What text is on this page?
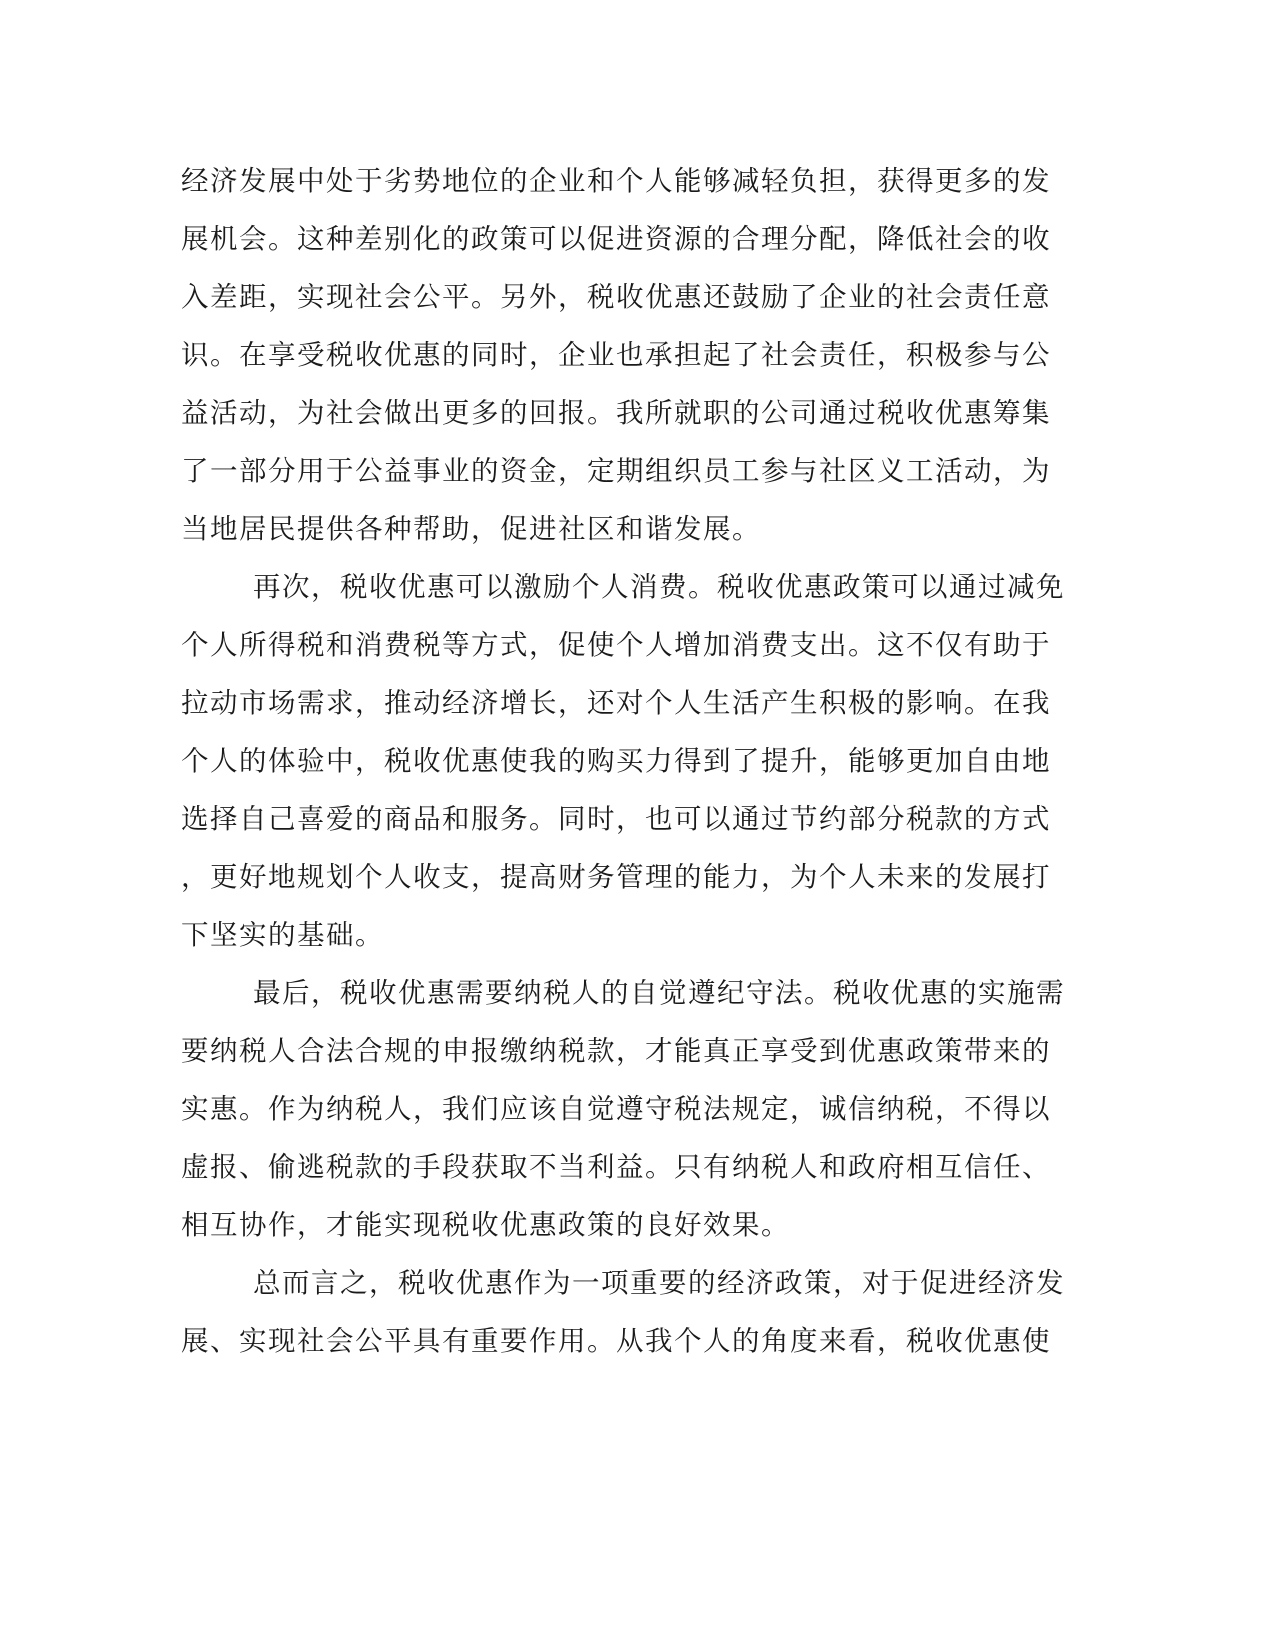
经济发展中处于劣势地位的企业和个人能够减轻负担，获得更多的发
展机会。这种差别化的政策可以促进资源的合理分配，降低社会的收
入差距，实现社会公平。另外，税收优惠还鼓励了企业的社会责任意
识。在享受税收优惠的同时，企业也承担起了社会责任，积极参与公
益活动，为社会做出更多的回报。我所就职的公司通过税收优惠筹集
了一部分用于公益事业的资金，定期组织员工参与社区义工活动，为
当地居民提供各种帮助，促进社区和谐发展。
再次，税收优惠可以激励个人消费。税收优惠政策可以通过减免
个人所得税和消费税等方式，促使个人增加消费支出。这不仅有助于
拉动市场需求，推动经济增长，还对个人生活产生积极的影响。在我
个人的体验中，税收优惠使我的购买力得到了提升，能够更加自由地
选择自己喜爱的商品和服务。同时，也可以通过节约部分税款的方式
，更好地规划个人收支，提高财务管理的能力，为个人未来的发展打
下坚实的基础。
最后，税收优惠需要纳税人的自觉遵纪守法。税收优惠的实施需
要纳税人合法合规的申报缴纳税款，才能真正享受到优惠政策带来的
实惠。作为纳税人，我们应该自觉遵守税法规定，诚信纳税，不得以
虚报、偷逃税款的手段获取不当利益。只有纳税人和政府相互信任、
相互协作，才能实现税收优惠政策的良好效果。
总而言之，税收优惠作为一项重要的经济政策，对于促进经济发
展、实现社会公平具有重要作用。从我个人的角度来看，税收优惠使
